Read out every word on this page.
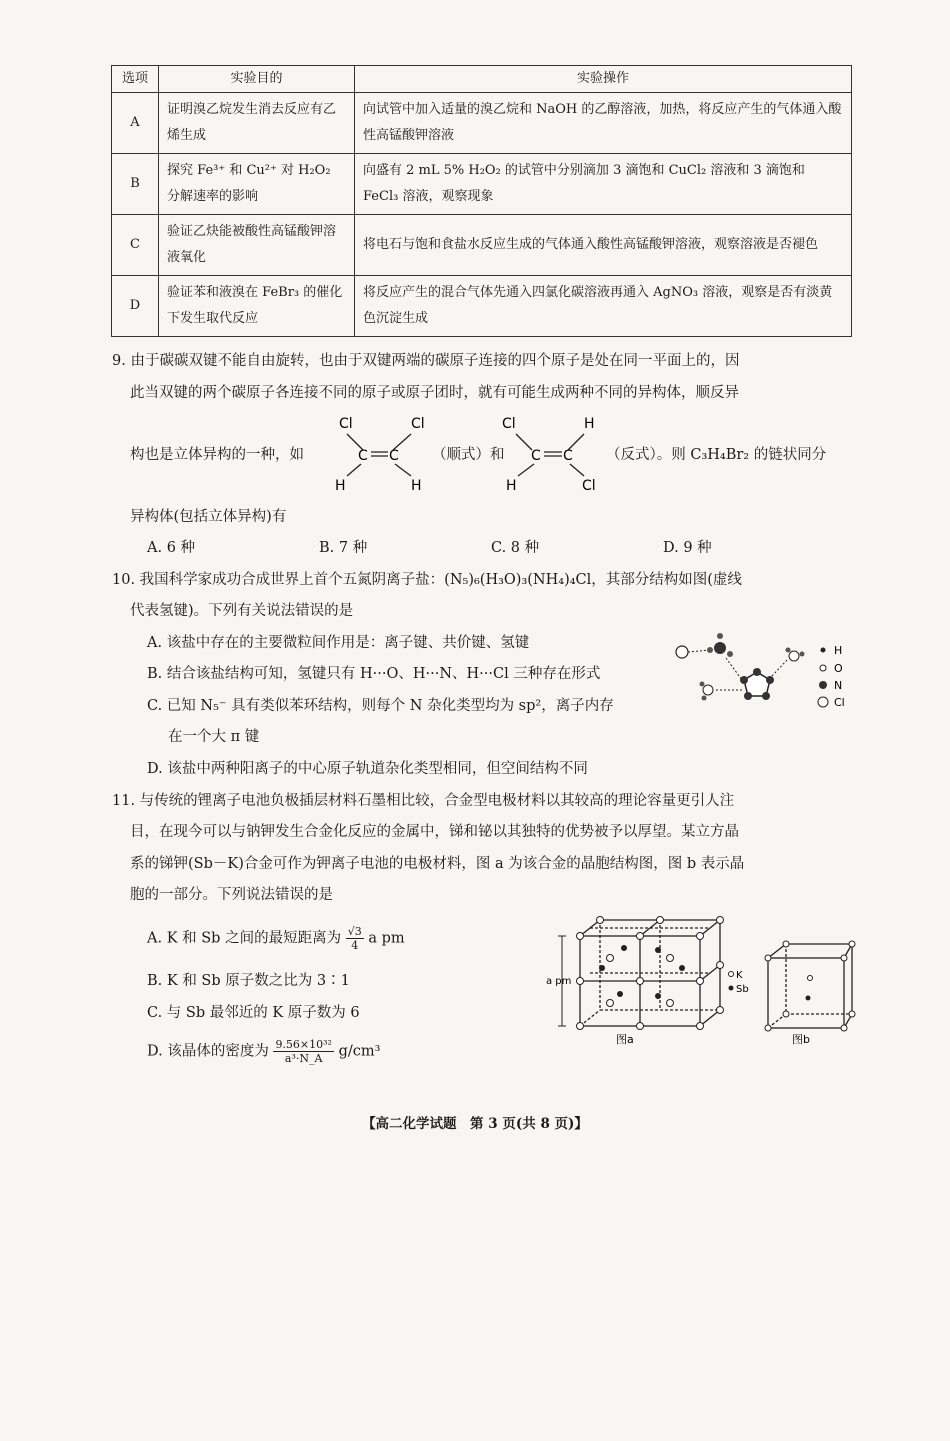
选项	实验目的	实验操作
A	证明溴乙烷发生消去反应有乙烯生成	向试管中加入适量的溴乙烷和 NaOH 的乙醇溶液，加热，将反应产生的气体通入酸性高锰酸钾溶液
B	探究 Fe³⁺ 和 Cu²⁺ 对 H₂O₂ 分解速率的影响	向盛有 2 mL 5% H₂O₂ 的试管中分别滴加 3 滴饱和 CuCl₂ 溶液和 3 滴饱和 FeCl₃ 溶液，观察现象
C	验证乙炔能被酸性高锰酸钾溶液氧化	将电石与饱和食盐水反应生成的气体通入酸性高锰酸钾溶液，观察溶液是否褪色
D	验证苯和液溴在 FeBr₃ 的催化下发生取代反应	将反应产生的混合气体先通入四氯化碳溶液再通入 AgNO₃ 溶液，观察是否有淡黄色沉淀生成
9. 由于碳碳双键不能自由旋转，也由于双键两端的碳原子连接的四个原子是处在同一平面上的，因
此当双键的两个碳原子各连接不同的原子或原子团时，就有可能生成两种不同的异构体，顺反异
构也是立体异构的一种，如
Cl	Cl
C C
H	H
（顺式）和
Cl	H
C C
H	Cl
（反式）。则 C₃H₄Br₂ 的链状同分
异构体(包括立体异构)有
A. 6 种	B. 7 种	C. 8 种	D. 9 种
10. 我国科学家成功合成世界上首个五氮阴离子盐：(N₅)₆(H₃O)₃(NH₄)₄Cl，其部分结构如图(虚线
代表氢键)。下列有关说法错误的是
A. 该盐中存在的主要微粒间作用是：离子键、共价键、氢键
B. 结合该盐结构可知，氢键只有 H···O、H···N、H···Cl 三种存在形式
C. 已知 N₅⁻ 具有类似苯环结构，则每个 N 杂化类型均为 sp²，离子内存
在一个大 π 键
D. 该盐中两种阳离子的中心原子轨道杂化类型相同，但空间结构不同
H
O
N
Cl
11. 与传统的锂离子电池负极插层材料石墨相比较，合金型电极材料以其较高的理论容量更引人注
目，在现今可以与钠钾发生合金化反应的金属中，锑和铋以其独特的优势被予以厚望。某立方晶
系的锑钾(Sb－K)合金可作为钾离子电池的电极材料，图 a 为该合金的晶胞结构图，图 b 表示晶
胞的一部分。下列说法错误的是
A. K 和 Sb 之间的最短距离为 $\frac{√3}{4}$ a pm
B. K 和 Sb 原子数之比为 3∶1
C. 与 Sb 最邻近的 K 原子数为 6
D. 该晶体的密度为 $\frac{\text{9.56×10³²}}{\text{a³·N\_A}} g/cm^3$
a pm
图a
K
Sb
图b
【高二化学试题　第 3 页(共 8 页)】
